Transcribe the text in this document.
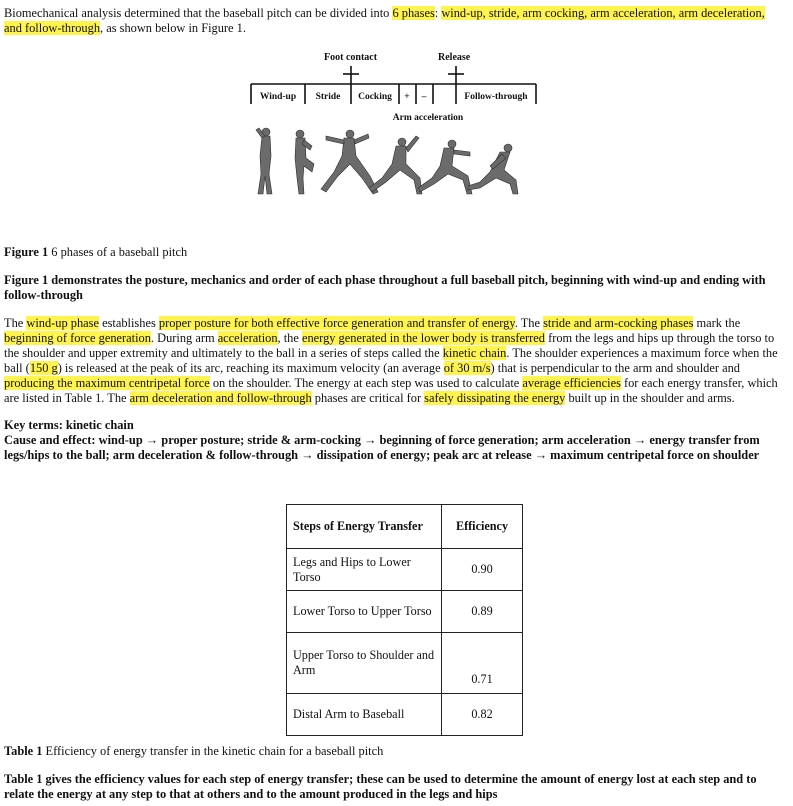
Biomechanical analysis determined that the baseball pitch can be divided into 6 phases: wind-up, stride, arm cocking, arm acceleration, arm deceleration, and follow-through, as shown below in Figure 1.

Foot contact	Release
Wind-up Stride Cocking + –	Follow-through
Arm acceleration

Figure 1 6 phases of a baseball pitch

Figure 1 demonstrates the posture, mechanics and order of each phase throughout a full baseball pitch, beginning with wind-up and ending with follow-through

The wind-up phase establishes proper posture for both effective force generation and transfer of energy. The stride and arm-cocking phases mark the beginning of force generation. During arm acceleration, the energy generated in the lower body is transferred from the legs and hips up through the torso to the shoulder and upper extremity and ultimately to the ball in a series of steps called the kinetic chain. The shoulder experiences a maximum force when the ball (150 g) is released at the peak of its arc, reaching its maximum velocity (an average of 30 m/s) that is perpendicular to the arm and shoulder and producing the maximum centripetal force on the shoulder. The energy at each step was used to calculate average efficiencies for each energy transfer, which are listed in Table 1. The arm deceleration and follow-through phases are critical for safely dissipating the energy built up in the shoulder and arms.

Key terms: kinetic chain

Cause and effect: wind-up → proper posture; stride & arm-cocking → beginning of force generation; arm acceleration → energy transfer from legs/hips to the ball; arm deceleration & follow-through → dissipation of energy; peak arc at release → maximum centripetal force on shoulder

Steps of Energy Transfer	Efficiency
Legs and Hips to Lower Torso	0.90
Lower Torso to Upper Torso	0.89
Upper Torso to Shoulder and Arm	0.71
Distal Arm to Baseball	0.82

Table 1 Efficiency of energy transfer in the kinetic chain for a baseball pitch

Table 1 gives the efficiency values for each step of energy transfer; these can be used to determine the amount of energy lost at each step and to relate the energy at any step to that at others and to the amount produced in the legs and hips
